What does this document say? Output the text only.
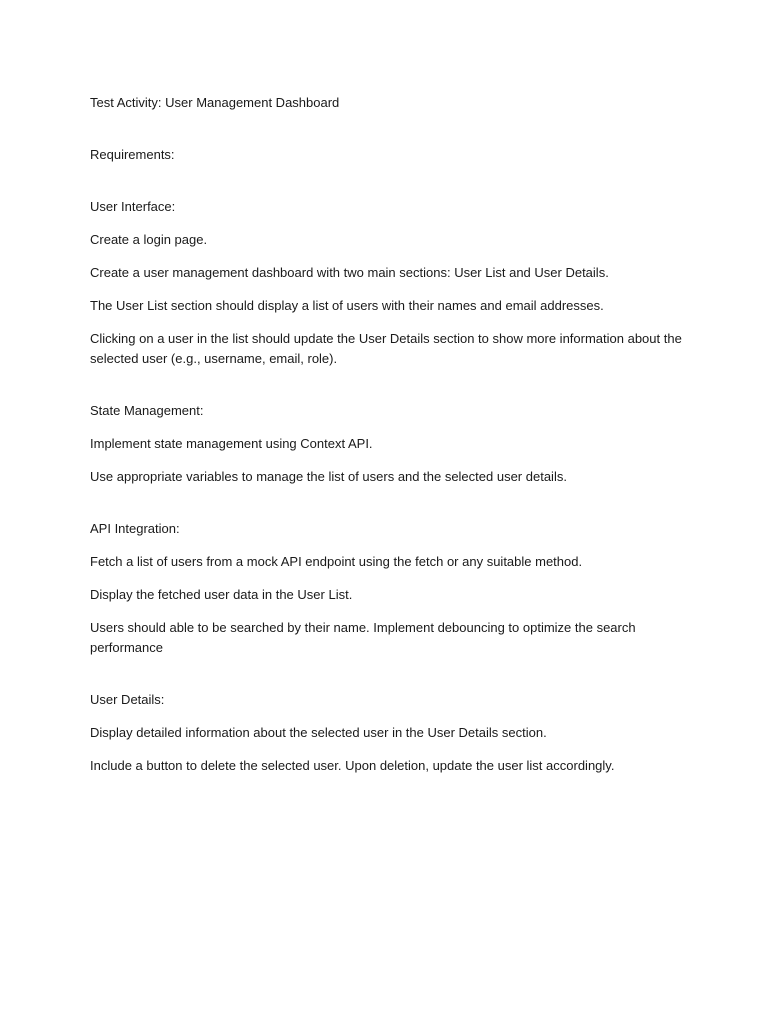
Test Activity: User Management Dashboard

Requirements:

User Interface:

Create a login page.

Create a user management dashboard with two main sections: User List and User Details.

The User List section should display a list of users with their names and email addresses.

Clicking on a user in the list should update the User Details section to show more information about the selected user (e.g., username, email, role).

State Management:

Implement state management using Context API.

Use appropriate variables to manage the list of users and the selected user details.

API Integration:

Fetch a list of users from a mock API endpoint using the fetch or any suitable method.

Display the fetched user data in the User List.

Users should able to be searched by their name. Implement debouncing to optimize the search performance

User Details:

Display detailed information about the selected user in the User Details section.

Include a button to delete the selected user. Upon deletion, update the user list accordingly.
